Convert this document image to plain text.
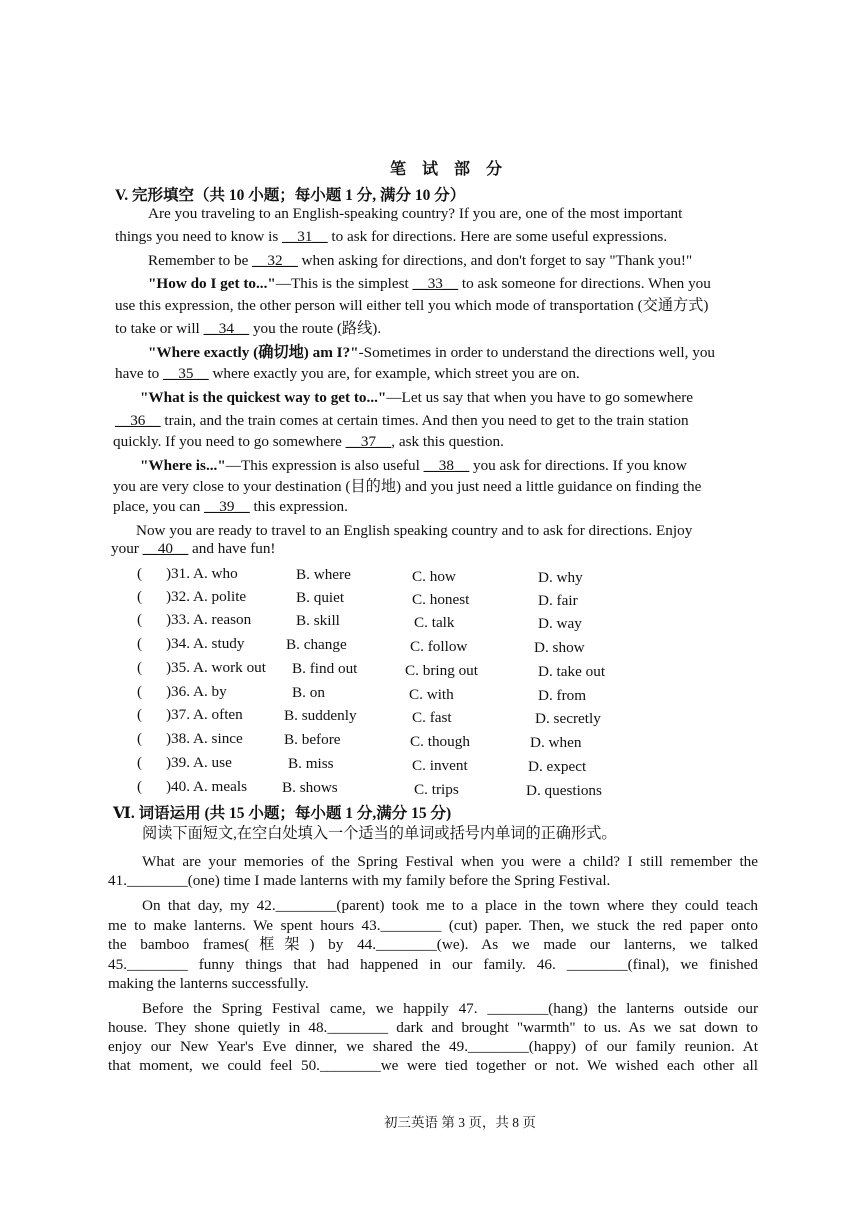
笔 试 部 分
V. 完形填空（共 10 小题；每小题 1 分, 满分 10 分）
Are you traveling to an English-speaking country? If you are, one of the most important
things you need to know is __31__ to ask for directions. Here are some useful expressions.
Remember to be __32__ when asking for directions, and don't forget to say "Thank you!"
"How do I get to..."—This is the simplest __33__ to ask someone for directions. When you
use this expression, the other person will either tell you which mode of transportation (交通方式)
to take or will __34__ you the route (路线).
"Where exactly (确切地) am I?"-Sometimes in order to understand the directions well, you
have to __35__ where exactly you are, for example, which street you are on.
"What is the quickest way to get to..."—Let us say that when you have to go somewhere
__36__ train, and the train comes at certain times. And then you need to get to the train station
quickly. If you need to go somewhere __37__, ask this question.
"Where is..."—This expression is also useful __38__ you ask for directions. If you know
you are very close to your destination (目的地) and you just need a little guidance on finding the
place, you can __39__ this expression.
Now you are ready to travel to an English speaking country and to ask for directions. Enjoy
your __40__ and have fun!
( )31. A. who	B. where	C. how	D. why
( )32. A. polite	B. quiet	C. honest	D. fair
( )33. A. reason	B. skill	C. talk	D. way
( )34. A. study	B. change	C. follow	D. show
( )35. A. work out B. find out	C. bring out	D. take out
( )36. A. by	B. on	C. with	D. from
( )37. A. often	B. suddenly	C. fast	D. secretly
( )38. A. since	B. before	C. though	D. when
( )39. A. use	B. miss	C. invent	D. expect
( )40. A. meals B. shows	C. trips	D. questions
Ⅵ. 词语运用 (共 15 小题；每小题 1 分,满分 15 分)
阅读下面短文,在空白处填入一个适当的单词或括号内单词的正确形式。
What are your memories of the Spring Festival when you were a child? I still remember the
41.________(one) time I made lanterns with my family before the Spring Festival.
On that day, my 42.________(parent) took me to a place in the town where they could teach
me to make lanterns. We spent hours 43.________ (cut) paper. Then, we stuck the red paper onto
the bamboo frames(框架) by 44.________(we). As we made our lanterns, we talked
45.________ funny things that had happened in our family. 46. ________(final), we finished
making the lanterns successfully.
Before the Spring Festival came, we happily 47. ________(hang) the lanterns outside our
house. They shone quietly in 48.________ dark and brought "warmth" to us. As we sat down to
enjoy our New Year's Eve dinner, we shared the 49.________(happy) of our family reunion. At
that moment, we could feel 50.________we were tied together or not. We wished each other all
初三英语 第 3 页，共 8 页
